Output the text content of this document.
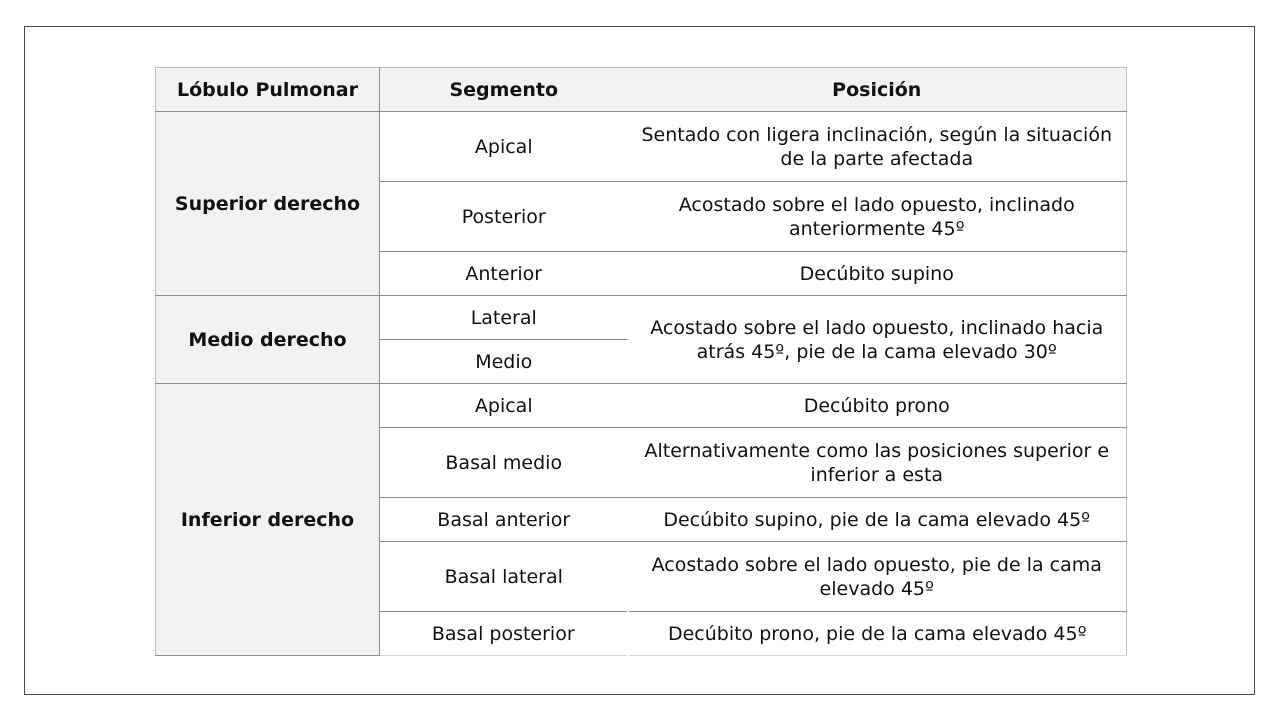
Lóbulo Pulmonar	Segmento	Posición
Superior derecho	Apical	Sentado con ligera inclinación, según la situación de la parte afectada
	Posterior	Acostado sobre el lado opuesto, inclinado anteriormente 45º
	Anterior	Decúbito supino
Medio derecho	Lateral	Acostado sobre el lado opuesto, inclinado hacia atrás 45º, pie de la cama elevado 30º
	Medio	
Inferior derecho	Apical	Decúbito prono
	Basal medio	Alternativamente como las posiciones superior e inferior a esta
	Basal anterior	Decúbito supino, pie de la cama elevado 45º
	Basal lateral	Acostado sobre el lado opuesto, pie de la cama elevado 45º
	Basal posterior	Decúbito prono, pie de la cama elevado 45º
